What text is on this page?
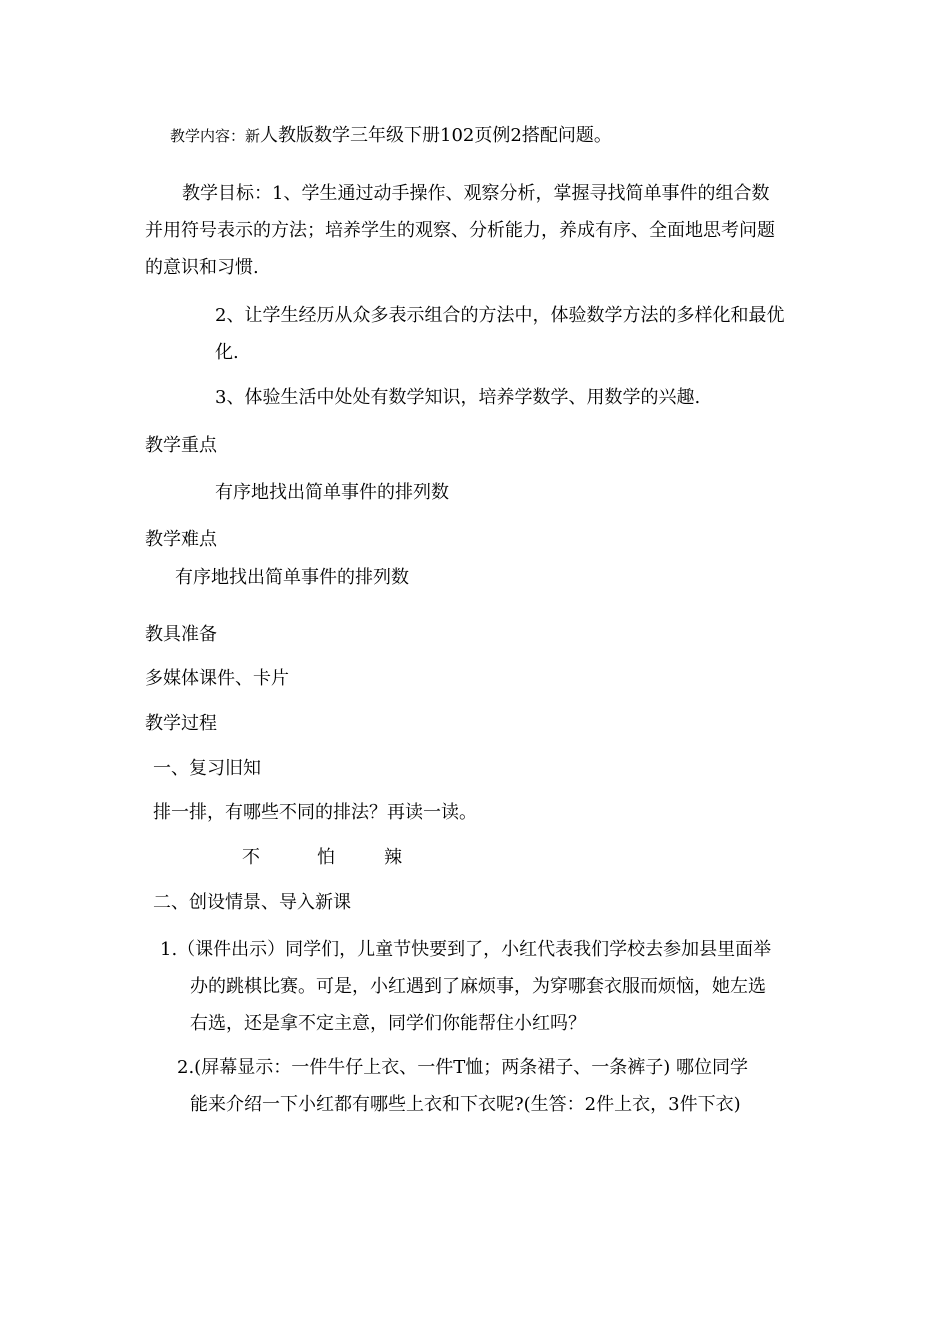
教学内容：新人教版数学三年级下册102页例2搭配问题。
教学目标：1、学生通过动手操作、观察分析，掌握寻找简单事件的组合数
并用符号表示的方法；培养学生的观察、分析能力，养成有序、全面地思考问题
的意识和习惯.
2、让学生经历从众多表示组合的方法中，体验数学方法的多样化和最优
化.
3、体验生活中处处有数学知识，培养学数学、用数学的兴趣.
教学重点
有序地找出简单事件的排列数
教学难点
有序地找出简单事件的排列数
教具准备
多媒体课件、卡片
教学过程
一、复习旧知
排一排，有哪些不同的排法？再读一读。
不	怕	辣
二、创设情景、导入新课
1.（课件出示）同学们，儿童节快要到了，小红代表我们学校去参加县里面举
办的跳棋比赛。可是，小红遇到了麻烦事，为穿哪套衣服而烦恼，她左选
右选，还是拿不定主意，同学们你能帮住小红吗？
2.(屏幕显示：一件牛仔上衣、一件T恤；两条裙子、一条裤子) 哪位同学
能来介绍一下小红都有哪些上衣和下衣呢?(生答：2件上衣，3件下衣)
